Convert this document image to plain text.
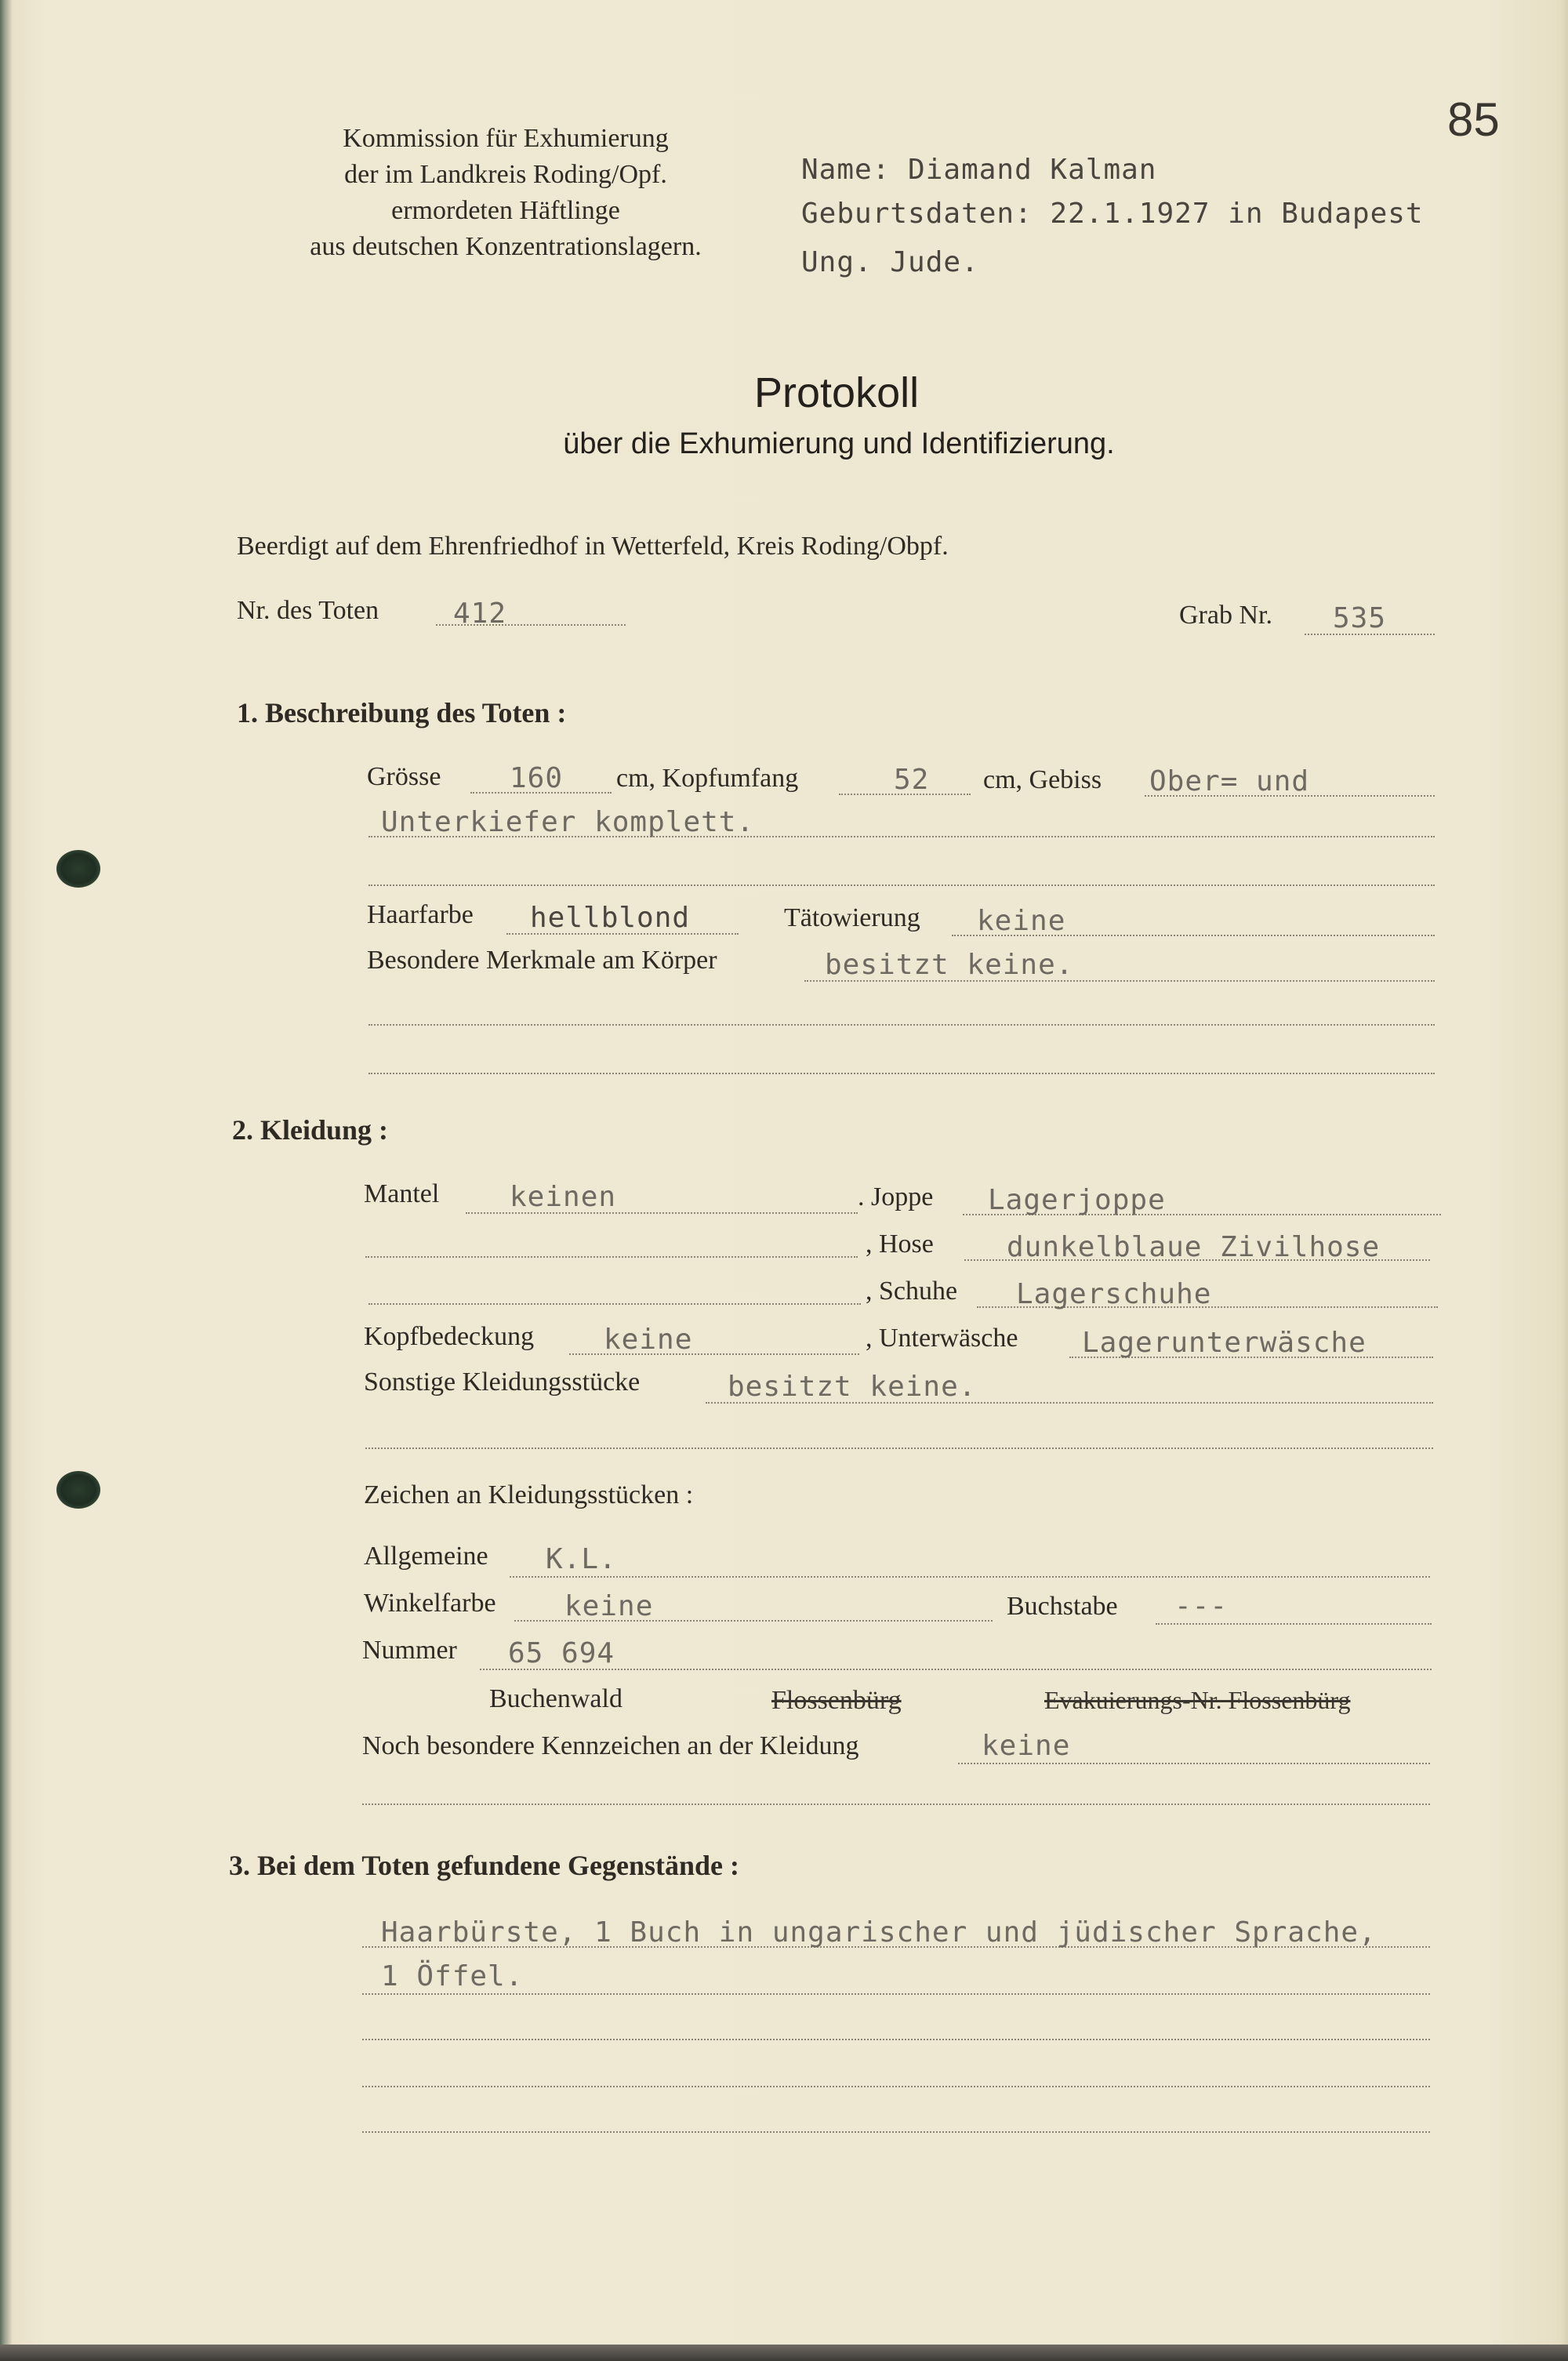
85
Kommission für Exhumierung
der im Landkreis Roding/Opf.
ermordeten Häftlinge
aus deutschen Konzentrationslagern.
Name: Diamand Kalman
Geburtsdaten: 22.1.1927 in Budapest
Ung. Jude.
Protokoll
über die Exhumierung und Identifizierung.
Beerdigt auf dem Ehrenfriedhof in Wetterfeld, Kreis Roding/Obpf.
Nr. des Toten	412	Grab Nr. 535
1. Beschreibung des Toten :
Grösse 160 cm, Kopfumfang	52 cm, Gebiss Ober= und
Unterkiefer komplett.
Haarfarbe hellblond	Tätowierung keine
Besondere Merkmale am Körper	besitzt keine.
2. Kleidung :
Mantel keinen	. Joppe Lagerjoppe
, Hose	dunkelblaue Zivilhose
, Schuhe Lagerschuhe
Kopfbedeckung keine	, Unterwäsche Lagerunterwäsche
Sonstige Kleidungsstücke	besitzt keine.
Zeichen an Kleidungsstücken :
Allgemeine K.L.
Winkelfarbe keine	Buchstabe ---
Nummer 65 694
Buchenwald	Flossenbürg	Evakuierungs-Nr. Flossenbürg
Noch besondere Kennzeichen an der Kleidung	keine
3. Bei dem Toten gefundene Gegenstände :
Haarbürste, 1 Buch in ungarischer und jüdischer Sprache,
1 Öffel.
